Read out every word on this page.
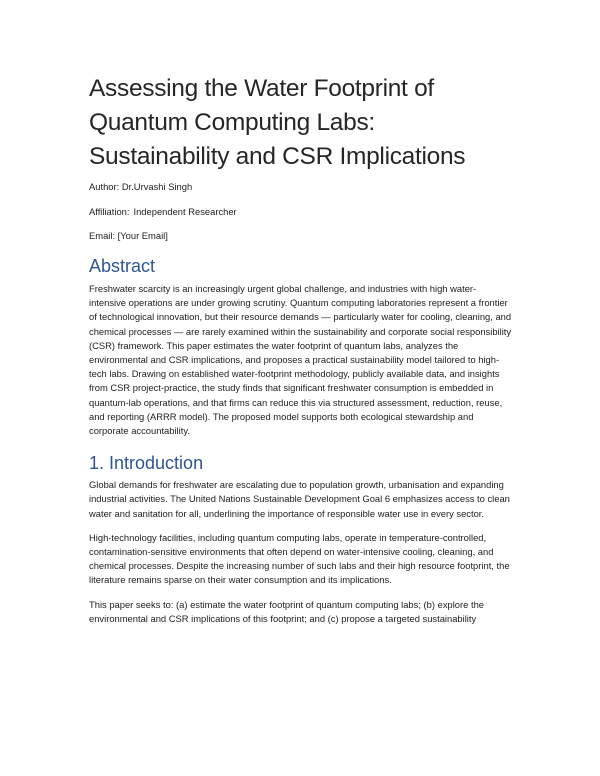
Assessing the Water Footprint of
Quantum Computing Labs:
Sustainability and CSR Implications

Author: Dr.Urvashi Singh

Affiliation: Independent Researcher

Email: [Your Email]

Abstract

Freshwater scarcity is an increasingly urgent global challenge, and industries with high water-intensive operations are under growing scrutiny. Quantum computing laboratories represent a frontier of technological innovation, but their resource demands — particularly water for cooling, cleaning, and chemical processes — are rarely examined within the sustainability and corporate social responsibility (CSR) framework. This paper estimates the water footprint of quantum labs, analyzes the environmental and CSR implications, and proposes a practical sustainability model tailored to high-tech labs. Drawing on established water-footprint methodology, publicly available data, and insights from CSR project-practice, the study finds that significant freshwater consumption is embedded in quantum-lab operations, and that firms can reduce this via structured assessment, reduction, reuse, and reporting (ARRR model). The proposed model supports both ecological stewardship and corporate accountability.

1. Introduction

Global demands for freshwater are escalating due to population growth, urbanisation and expanding industrial activities. The United Nations Sustainable Development Goal 6 emphasizes access to clean water and sanitation for all, underlining the importance of responsible water use in every sector.

High-technology facilities, including quantum computing labs, operate in temperature-controlled, contamination-sensitive environments that often depend on water-intensive cooling, cleaning, and chemical processes. Despite the increasing number of such labs and their high resource footprint, the literature remains sparse on their water consumption and its implications.

This paper seeks to: (a) estimate the water footprint of quantum computing labs; (b) explore the environmental and CSR implications of this footprint; and (c) propose a targeted sustainability
